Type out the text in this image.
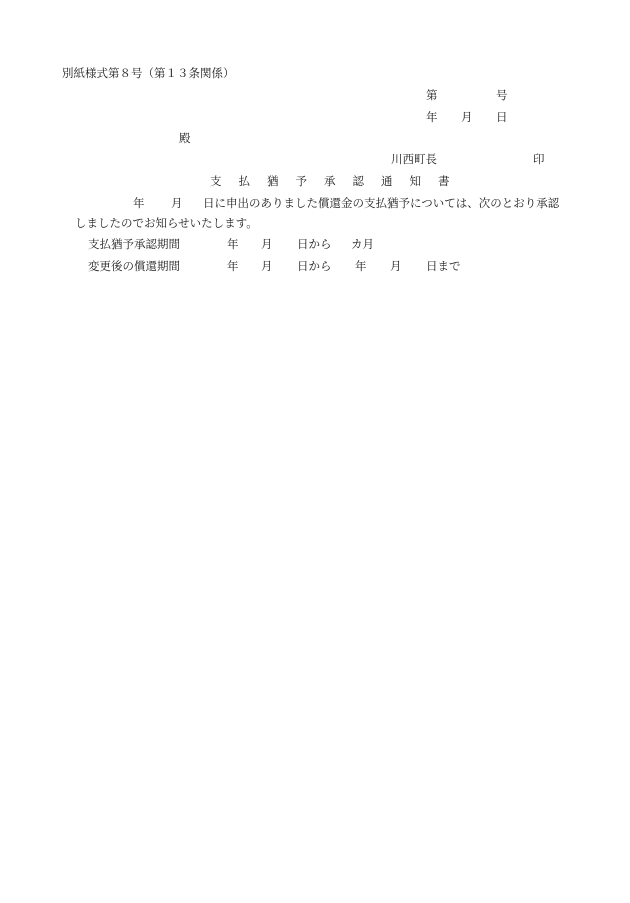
別紙様式第８号（第１３条関係）
第	号
年 月 日
殿
川西町長	印
支 払 猶 予 承 認 通 知 書
年 月 日に申出のありました償還金の支払猶予については、次のとおり承認
しましたのでお知らせいたします。
支払猶予承認期間	年 月 日から カ月
変更後の償還期間	年 月 日から 年 月 日まで
